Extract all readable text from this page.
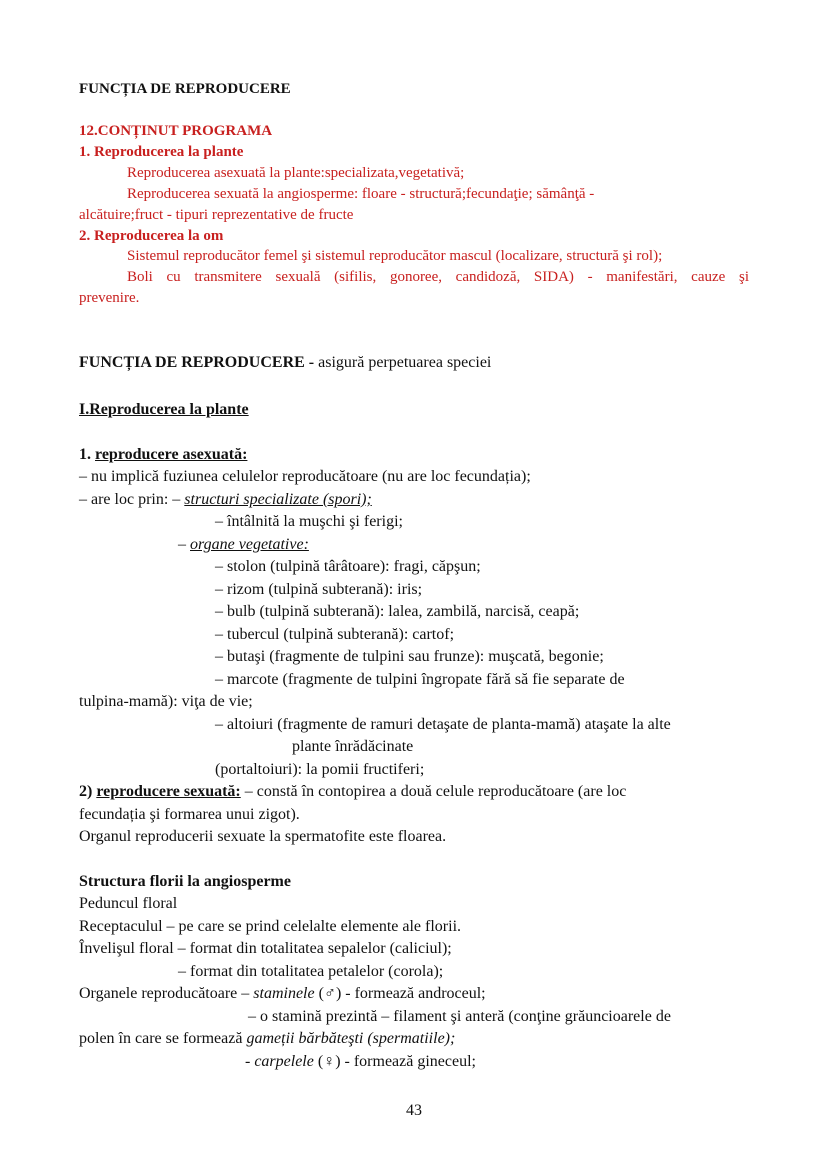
FUNCȚIA DE REPRODUCERE
12.CONȚINUT PROGRAMA
1. Reproducerea la plante
Reproducerea asexuată la plante:specializata,vegetativă;
Reproducerea sexuată la angiosperme: floare - structură;fecundaţie; sămânţă -
alcătuire;fruct - tipuri reprezentative de fructe
2. Reproducerea la om
Sistemul reproducător femel şi sistemul reproducător mascul (localizare, structură şi rol);
Boli cu transmitere sexuală (sifilis, gonoree, candidoză, SIDA) - manifestări, cauze şi
prevenire.
FUNCȚIA DE REPRODUCERE - asigură perpetuarea speciei
I.Reproducerea la plante
1. reproducere asexuată:
– nu implică fuziunea celulelor reproducătoare (nu are loc fecundația);
– are loc prin: – structuri specializate (spori);
– întâlnită la muşchi şi ferigi;
– organe vegetative:
– stolon (tulpină târâtoare): fragi, căpşun;
– rizom (tulpină subterană): iris;
– bulb (tulpină subterană): lalea, zambilă, narcisă, ceapă;
– tubercul (tulpină subterană): cartof;
– butaşi (fragmente de tulpini sau frunze): muşcată, begonie;
– marcote (fragmente de tulpini îngropate fără să fie separate de
tulpina-mamă): viţa de vie;
– altoiuri (fragmente de ramuri detaşate de planta-mamă) ataşate la alte
plante înrădăcinate
(portaltoiuri): la pomii fructiferi;
2) reproducere sexuată: – constă în contopirea a două celule reproducătoare (are loc
fecundația şi formarea unui zigot).
Organul reproducerii sexuate la spermatofite este floarea.
Structura florii la angiosperme
Peduncul floral
Receptaculul – pe care se prind celelalte elemente ale florii.
Învelişul floral – format din totalitatea sepalelor (caliciul);
– format din totalitatea petalelor (corola);
Organele reproducătoare – staminele (♂) - formează androceul;
– o stamină prezintă – filament şi anteră (conţine grăuncioarele de
polen în care se formează gameții bărbăteşti (spermatiile);
- carpelele (♀) - formează gineceul;
43
